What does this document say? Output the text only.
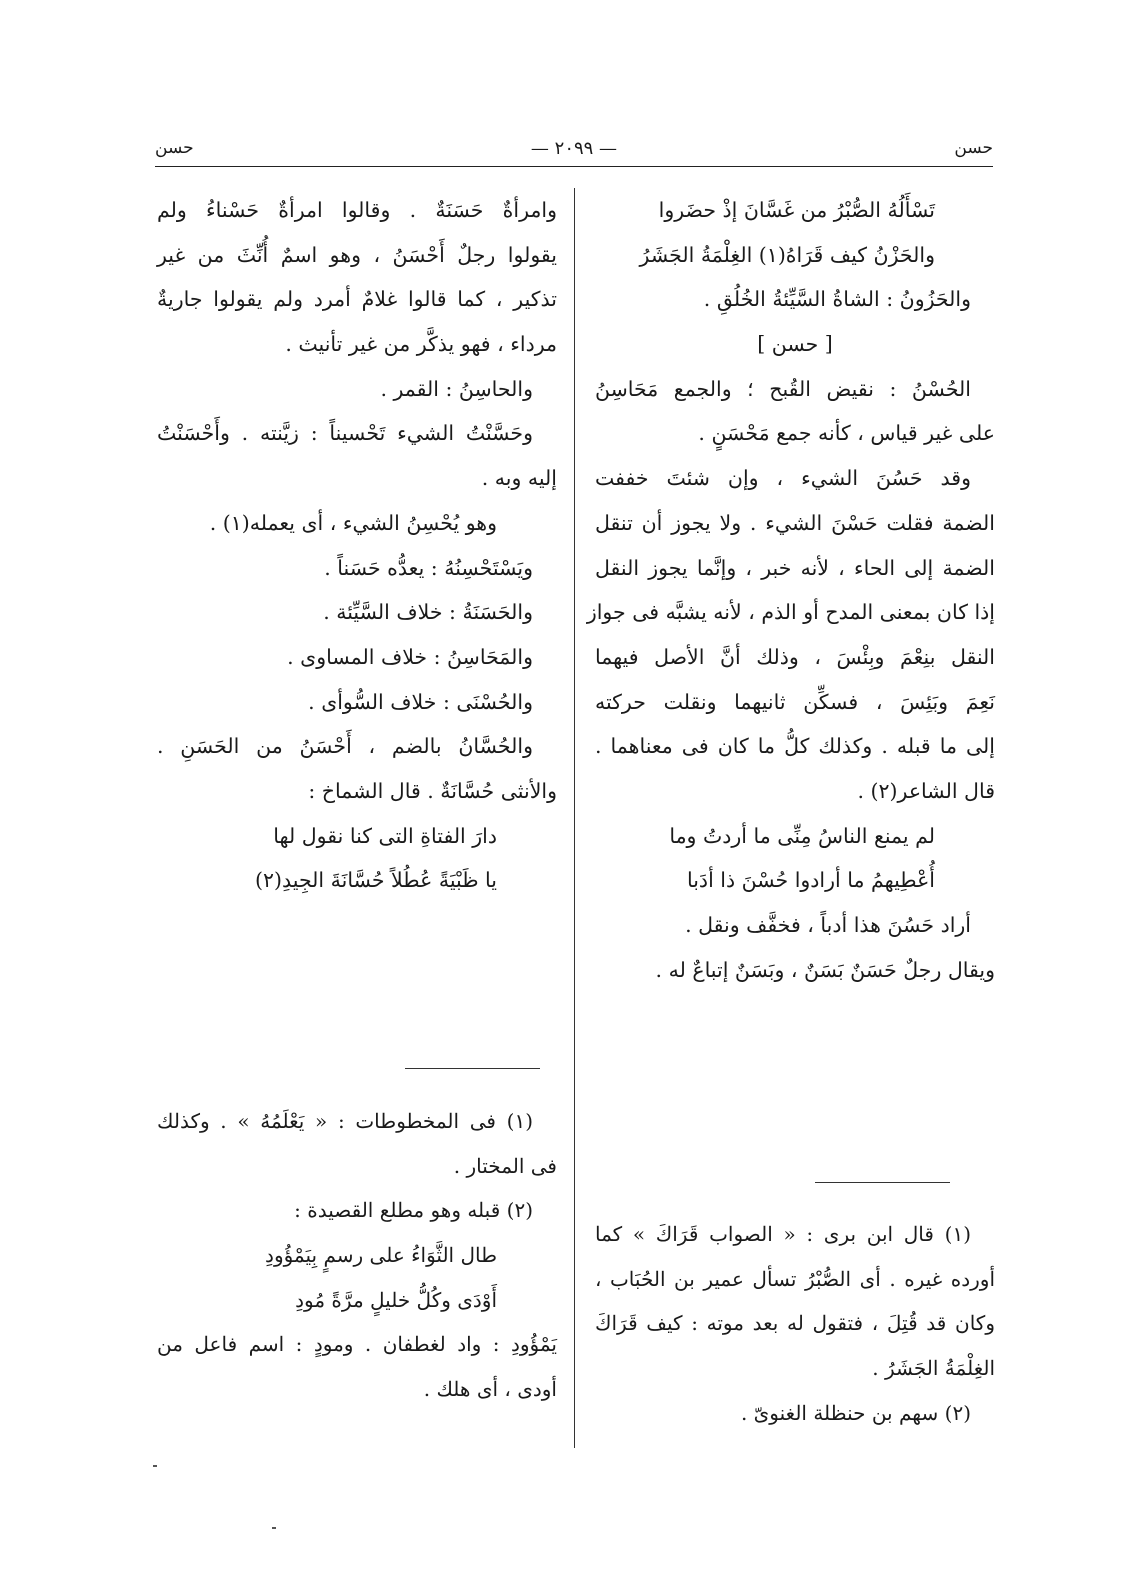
حسن
— ٢٠٩٩ —
حسن
تَسْأَلُهُ الصُّبْرُ من غَسَّانَ إذْ حضَروا
والحَزْنُ كيف قَرَاهُ(١) الغِلْمَةُ الجَشَرُ
والحَزُونُ : الشاةُ السَّيِّئةُ الخُلُقِ .
[ حسن ]
الحُسْنُ : نقيض القُبح ؛ والجمع مَحَاسِنُ
على غير قياس ، كأنه جمع مَحْسَنٍ .
وقد حَسُنَ الشيء ، وإن شئتَ خففت
الضمة فقلت حَسْنَ الشيء . ولا يجوز أن تنقل
الضمة إلى الحاء ، لأنه خبر ، وإنَّما يجوز النقل
إذا كان بمعنى المدح أو الذم ، لأنه يشبَّه فى جواز
النقل بنِعْمَ وبِئْسَ ، وذلك أنَّ الأصل فيهما
نَعِمَ وبَئِسَ ، فسكِّن ثانيهما ونقلت حركته
إلى ما قبله . وكذلك كلُّ ما كان فى معناهما .
قال الشاعر(٢) .
لم يمنع الناسُ مِنِّى ما أردتُ وما
أُعْطِيهمُ ما أرادوا حُسْنَ ذا أدَبا
أراد حَسُنَ هذا أدباً ، فخفَّف ونقل .
ويقال رجلٌ حَسَنٌ بَسَنٌ ، وبَسَنٌ إتباعٌ له .
وامرأةٌ حَسَنَةٌ . وقالوا امرأةٌ حَسْناءُ ولم
يقولوا رجلٌ أَحْسَنُ ، وهو اسمٌ أُنِّثَ من غير
تذكير ، كما قالوا غلامٌ أمرد ولم يقولوا جاريةٌ
مرداء ، فهو يذكَّر من غير تأنيث .
والحاسِنُ : القمر .
وحَسَّنْتُ الشيء تَحْسيناً : زيَّنته . وأَحْسَنْتُ
إليه وبه .
وهو يُحْسِنُ الشيء ، أى يعمله(١) .
ويَسْتَحْسِنُهُ : يعدُّه حَسَناً .
والحَسَنَةُ : خلاف السَّيِّئة .
والمَحَاسِنُ : خلاف المساوى .
والحُسْنَى : خلاف السُّوأى .
والحُسَّانُ بالضم ، أَحْسَنُ من الحَسَنِ .
والأنثى حُسَّانَةٌ . قال الشماخ :
دارَ الفتاةِ التى كنا نقول لها
يا ظَبْيَةً عُطُلاً حُسَّانَةَ الجِيدِ(٢)
(١) قال ابن برى : « الصواب قَرَاكَ » كما
أورده غيره . أى الصُّبْرُ تسأل عمير بن الحُبَاب ،
وكان قد قُتِلَ ، فتقول له بعد موته : كيف قَرَاكَ
الغِلْمَةُ الجَشَرُ .
(٢) سهم بن حنظلة الغنوىّ .
(١) فى المخطوطات : « يَعْلَمُهُ » . وكذلك
فى المختار .
(٢) قبله وهو مطلع القصيدة :
طال الثَّوَاءُ على رسمٍ بِيَمْؤُودِ
أَوْدَى وكُلُّ خليلٍ مرَّةً مُودِ
يَمْؤُودِ : واد لغطفان . ومودٍ : اسم فاعل من
أودى ، أى هلك .
